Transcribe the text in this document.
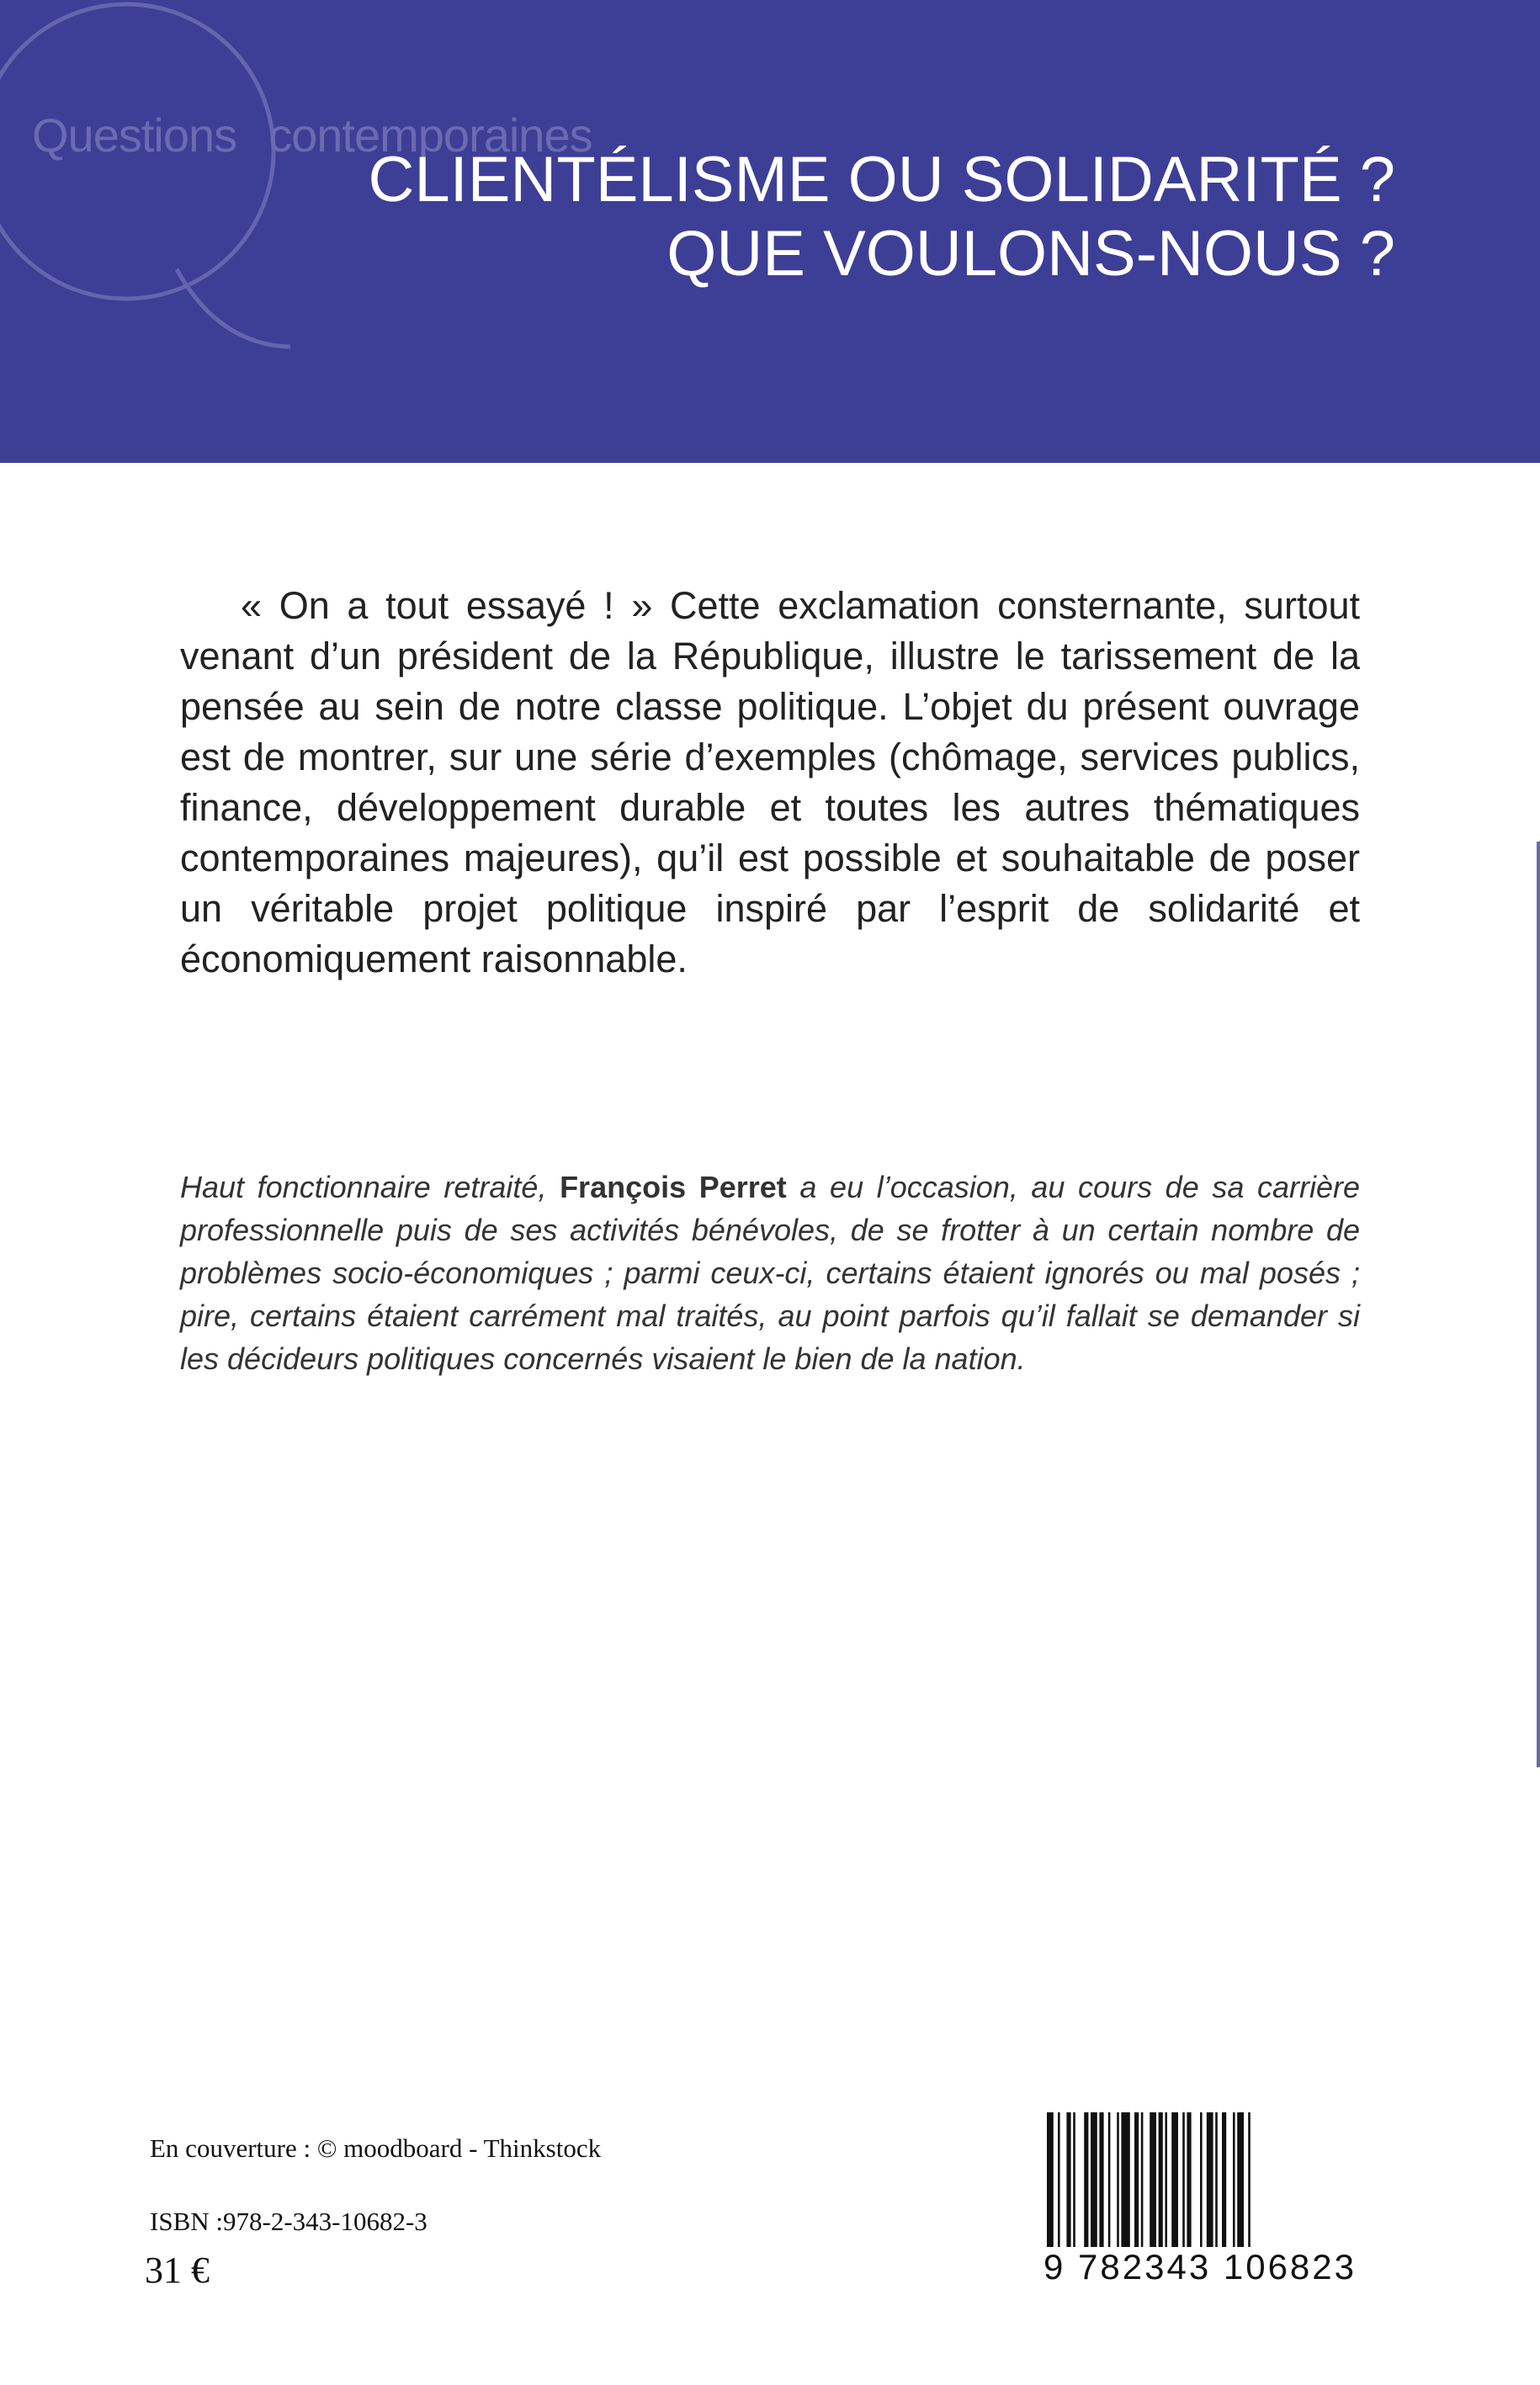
Questions contemporaines
CLIENTÉLISME OU SOLIDARITÉ ?
QUE VOULONS-NOUS ?

« On a tout essayé ! » Cette exclamation consternante, surtout venant d’un président de la République, illustre le tarissement de la pensée au sein de notre classe politique. L’objet du présent ouvrage est de montrer, sur une série d’exemples (chômage, services publics, finance, développement durable et toutes les autres thématiques contemporaines majeures), qu’il est possible et souhaitable de poser un véritable projet politique inspiré par l’esprit de solidarité et économiquement raisonnable.

Haut fonctionnaire retraité, François Perret a eu l’occasion, au cours de sa carrière professionnelle puis de ses activités bénévoles, de se frotter à un certain nombre de problèmes socio-économiques ; parmi ceux-ci, certains étaient ignorés ou mal posés ; pire, certains étaient carrément mal traités, au point parfois qu’il fallait se demander si les décideurs politiques concernés visaient le bien de la nation.

En couverture : © moodboard - Thinkstock
ISBN :978-2-343-10682-3
31 €	9 782343 106823
